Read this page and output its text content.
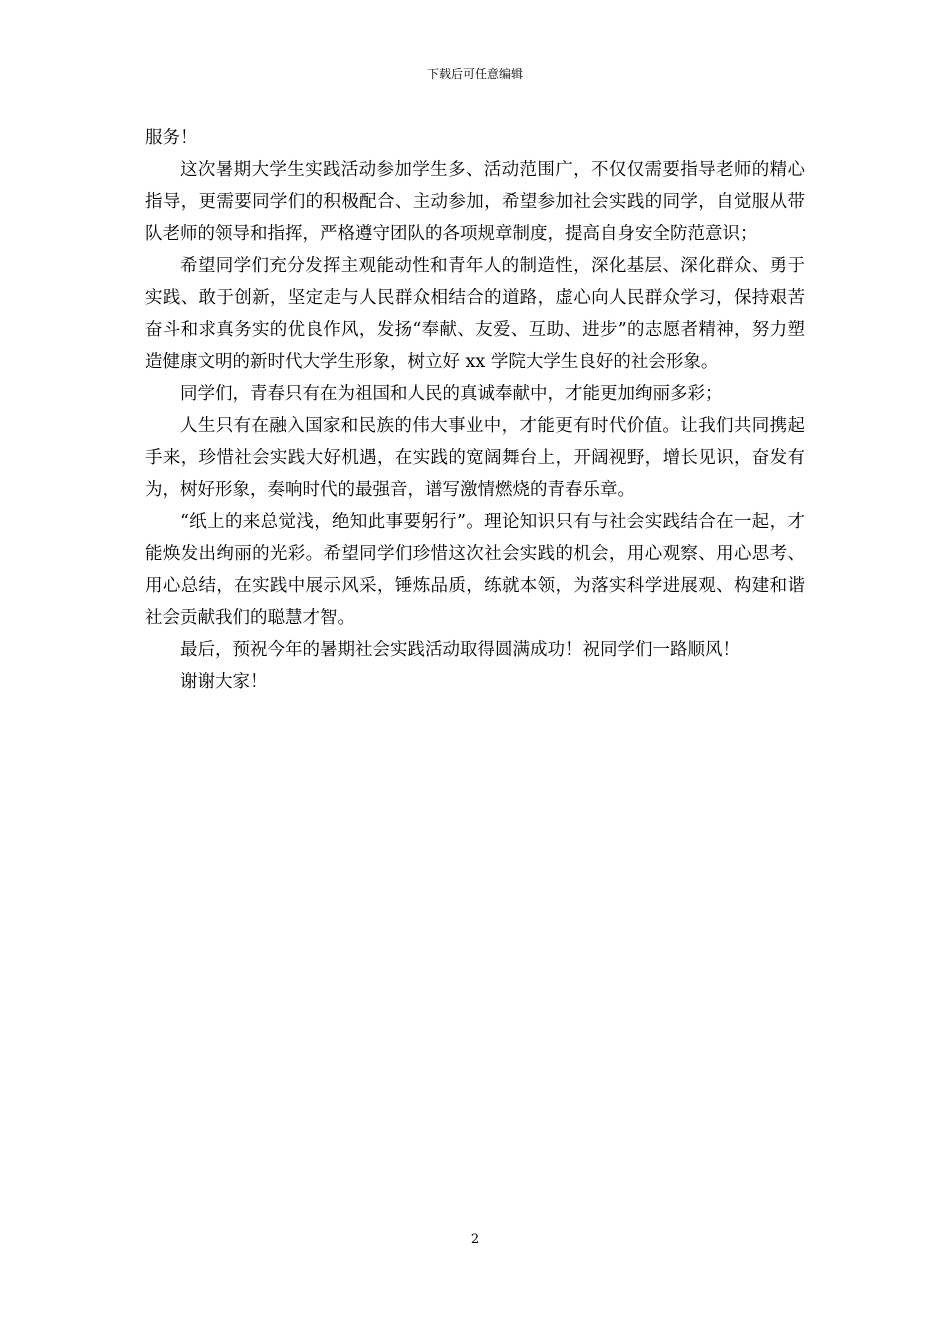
下载后可任意编辑

服务！

这次暑期大学生实践活动参加学生多、活动范围广，不仅仅需要指导老师的精心指导，更需要同学们的积极配合、主动参加，希望参加社会实践的同学，自觉服从带队老师的领导和指挥，严格遵守团队的各项规章制度，提高自身安全防范意识；

希望同学们充分发挥主观能动性和青年人的制造性，深化基层、深化群众、勇于实践、敢于创新，坚定走与人民群众相结合的道路，虚心向人民群众学习，保持艰苦奋斗和求真务实的优良作风，发扬“奉献、友爱、互助、进步”的志愿者精神，努力塑造健康文明的新时代大学生形象，树立好 xx 学院大学生良好的社会形象。

同学们，青春只有在为祖国和人民的真诚奉献中，才能更加绚丽多彩；

人生只有在融入国家和民族的伟大事业中，才能更有时代价值。让我们共同携起手来，珍惜社会实践大好机遇，在实践的宽阔舞台上，开阔视野，增长见识，奋发有为，树好形象，奏响时代的最强音，谱写激情燃烧的青春乐章。

“纸上的来总觉浅，绝知此事要躬行”。理论知识只有与社会实践结合在一起，才能焕发出绚丽的光彩。希望同学们珍惜这次社会实践的机会，用心观察、用心思考、用心总结，在实践中展示风采，锤炼品质，练就本领，为落实科学进展观、构建和谐社会贡献我们的聪慧才智。

最后，预祝今年的暑期社会实践活动取得圆满成功！祝同学们一路顺风！

谢谢大家！

2
